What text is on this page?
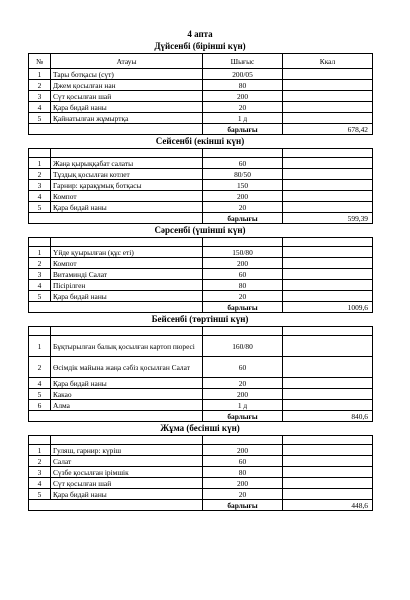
4 апта
Дүйсенбі (бірінші күн)
№	Атауы	Шығыс	Ккал
1	Тары ботқасы (сүт)	200/05	
2	Джем қосылған нан	80	
3	Сүт қосылған шай	200	
4	Қара бидай наны	20	
5	Қайнатылған жұмыртқа	1 д	
		барлығы	678,42
Сейсенбі (екінші күн)

1	Жаңа қырыққабат салаты	60	
2	Тұздық қосылған котлет	80/50	
3	Гарнир: қарақұмық ботқасы	150	
4	Компот	200	
5	Қара бидай наны	20	
		барлығы	599,39
Сәрсенбі (үшінші күн)

1	Үйде қуырылған (құс еті)	150/80	
2	Компот	200	
3	Витаминді Салат	60	
4	Пісірілген	80	
5	Қара бидай наны	20	
		барлығы	1009,6
Бейсенбі (төртінші күн)

1	Бұқтырылған балық қосылған картоп пюресі	160/80	
2	Өсімдік майына жаңа сәбіз қосылған Салат	60	
4	Қара бидай наны	20	
5	Какао	200	
6	Алма	1 д	
		барлығы	840,6
Жұма (бесінші күн)

1	Гуляш, гарнир: күріш	200	
2	Салат	60	
3	Сүзбе қосылған ірімшік	80	
4	Сүт қосылған шай	200	
5	Қара бидай наны	20	
		барлығы	448,6
